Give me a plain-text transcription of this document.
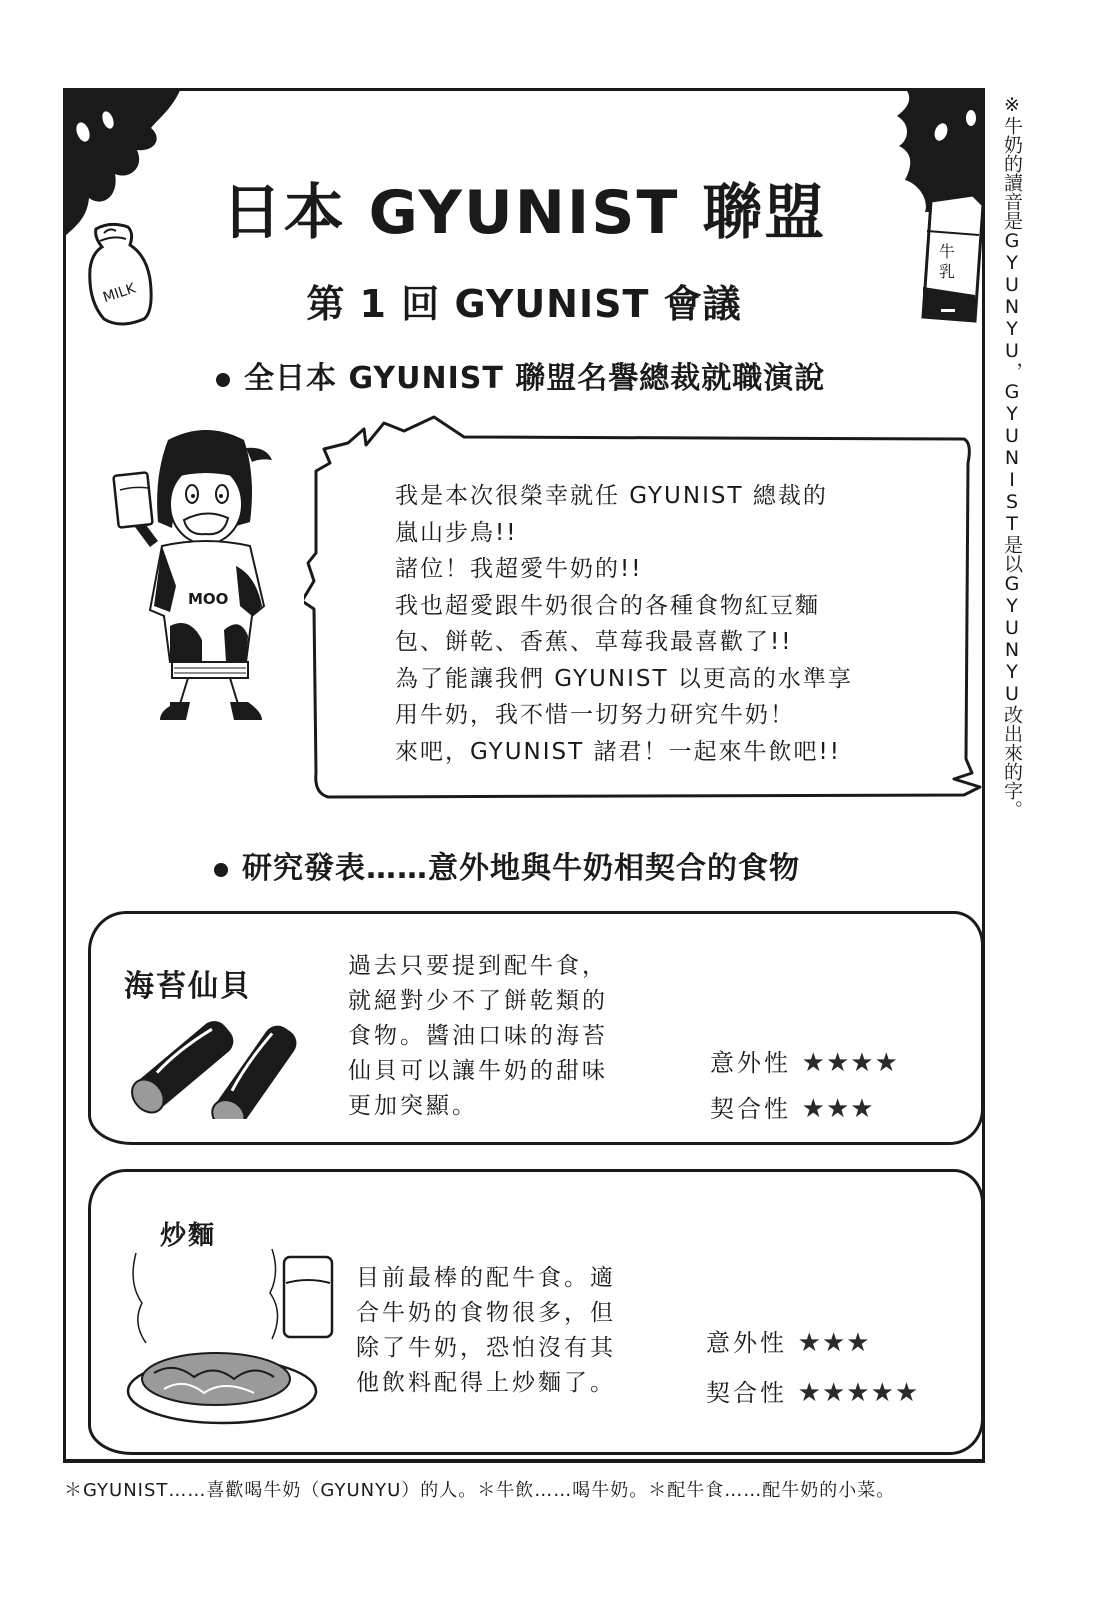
※牛奶的讀音是GYUNYU，GYUNIST是以GYUNYU改出來的字。
MILK
牛
乳
日本 GYUNIST 聯盟
第 1 回 GYUNIST 會議
全日本 GYUNIST 聯盟名譽總裁就職演說
MOO
研究發表……意外地與牛奶相契合的食物
海苔仙貝
過去只要提到配牛食，
就絕對少不了餅乾類的
食物。醬油口味的海苔
仙貝可以讓牛奶的甜味
更加突顯。
意外性 ★★★★
契合性 ★★★
炒麵
目前最棒的配牛食。適
合牛奶的食物很多，但
除了牛奶，恐怕沒有其
他飲料配得上炒麵了。
意外性 ★★★
契合性 ★★★★★
我是本次很榮幸就任 GYUNIST 總裁的
嵐山步鳥!!
諸位！我超愛牛奶的!!
我也超愛跟牛奶很合的各種食物紅豆麵
包、餅乾、香蕉、草莓我最喜歡了!!
為了能讓我們 GYUNIST 以更高的水準享
用牛奶，我不惜一切努力研究牛奶！
來吧，GYUNIST 諸君！一起來牛飲吧!!
＊GYUNIST……喜歡喝牛奶（GYUNYU）的人。＊牛飲……喝牛奶。＊配牛食……配牛奶的小菜。
